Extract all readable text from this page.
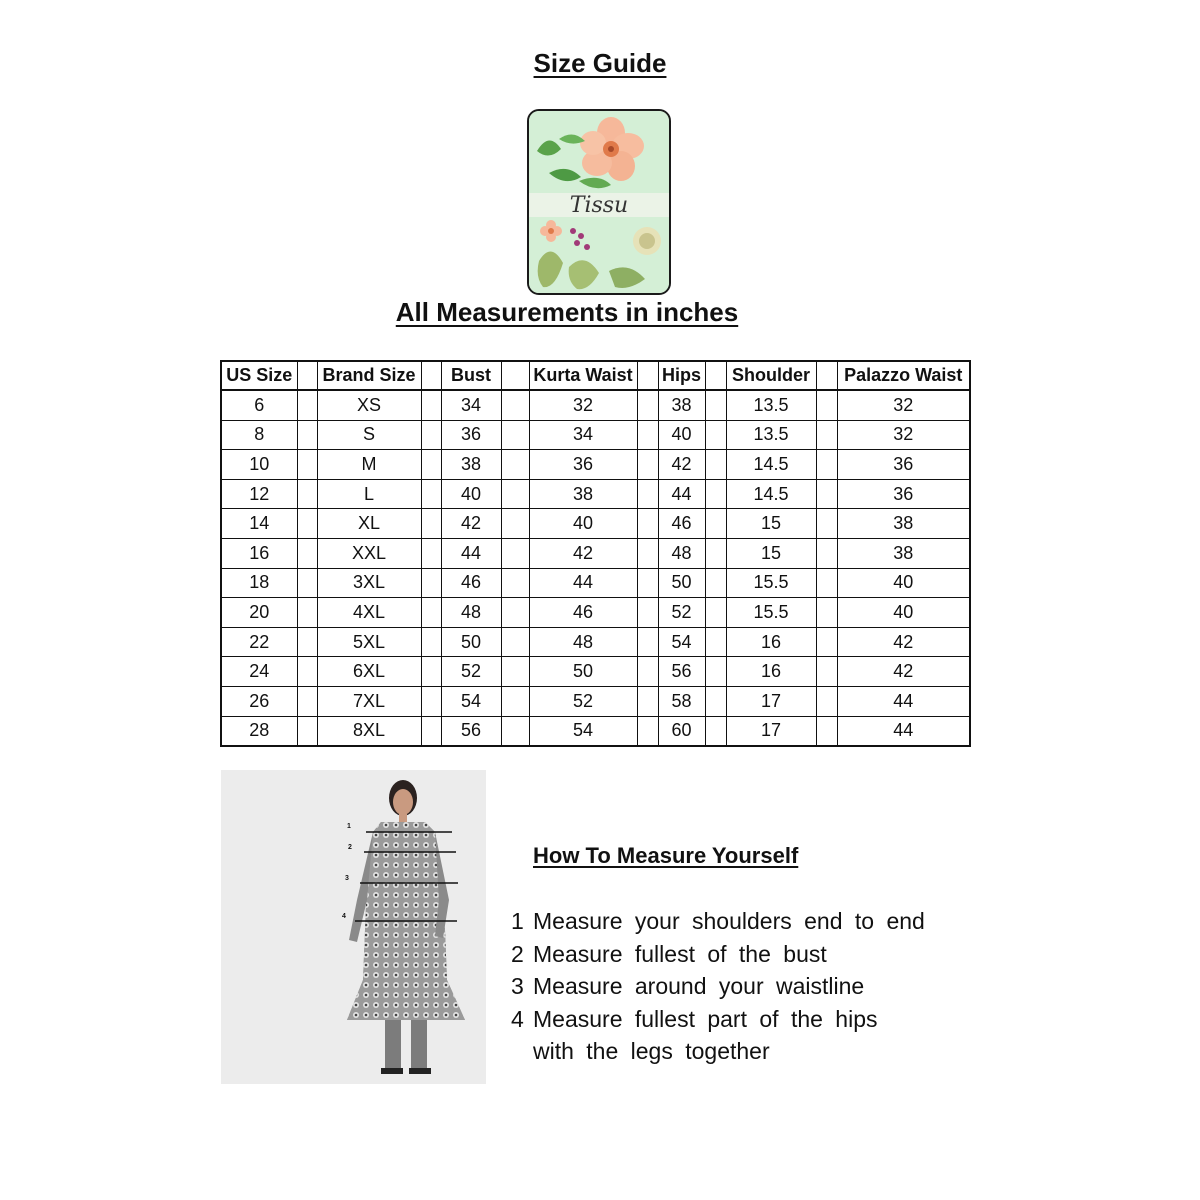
Size Guide
Tissu
All Measurements in inches
US Size		Brand Size		Bust		Kurta Waist		Hips		Shoulder		Palazzo Waist
6		XS		34		32		38		13.5		32
8		S		36		34		40		13.5		32
10		M		38		36		42		14.5		36
12		L		40		38		44		14.5		36
14		XL		42		40		46		15		38
16		XXL		44		42		48		15		38
18		3XL		46		44		50		15.5		40
20		4XL		48		46		52		15.5		40
22		5XL		50		48		54		16		42
24		6XL		52		50		56		16		42
26		7XL		54		52		58		17		44
28		8XL		56		54		60		17		44
1
2
3
4
How To Measure Yourself
1 Measure your shoulders end to end
2 Measure fullest of the bust
3 Measure around your waistline
4 Measure fullest part of the hips
with the legs together
